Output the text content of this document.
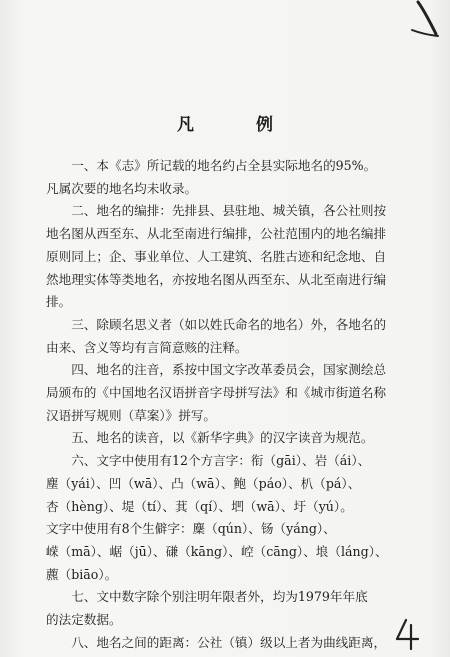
凡 例

一、本《志》所记载的地名约占全县实际地名的95%。

凡属次要的地名均未收录。

二、地名的编排：先排县、县驻地、城关镇，各公社则按

地名图从西至东、从北至南进行编排，公社范围内的地名编排
原则同上；企、事业单位、人工建筑、名胜古迹和纪念地、自
然地理实体等类地名，亦按地名图从西至东、从北至南进行编
排。

三、除顾名思义者（如以姓氏命名的地名）外，各地名的

由来、含义等均有言简意赅的注释。

四、地名的注音，系按中国文字改革委员会，国家测绘总

局颁布的《中国地名汉语拼音字母拼写法》和《城市街道名称
汉语拼写规则（草案）》拼写。

五、地名的读音，以《新华字典》的汉字读音为规范。

六、文字中使用有12个方言字：衔（gāi）、岩（ái）、

塵（yái）、凹（wā）、凸（wā）、鲍（páo）、朳（pá）、
杏（hèng）、堤（tí）、萁（qí）、垇（wā）、圩（yú）。
文字中使用有8个生僻字：麇（qún）、钖（yáng）、
嵘（mā）、崌（jū）、磏（kāng）、崆（cāng）、埌（láng）、
藨（biāo）。

七、文中数字除个别注明年限者外，均为1979年年底

的法定数据。

八、地名之间的距离：公社（镇）级以上者为曲线距离，
